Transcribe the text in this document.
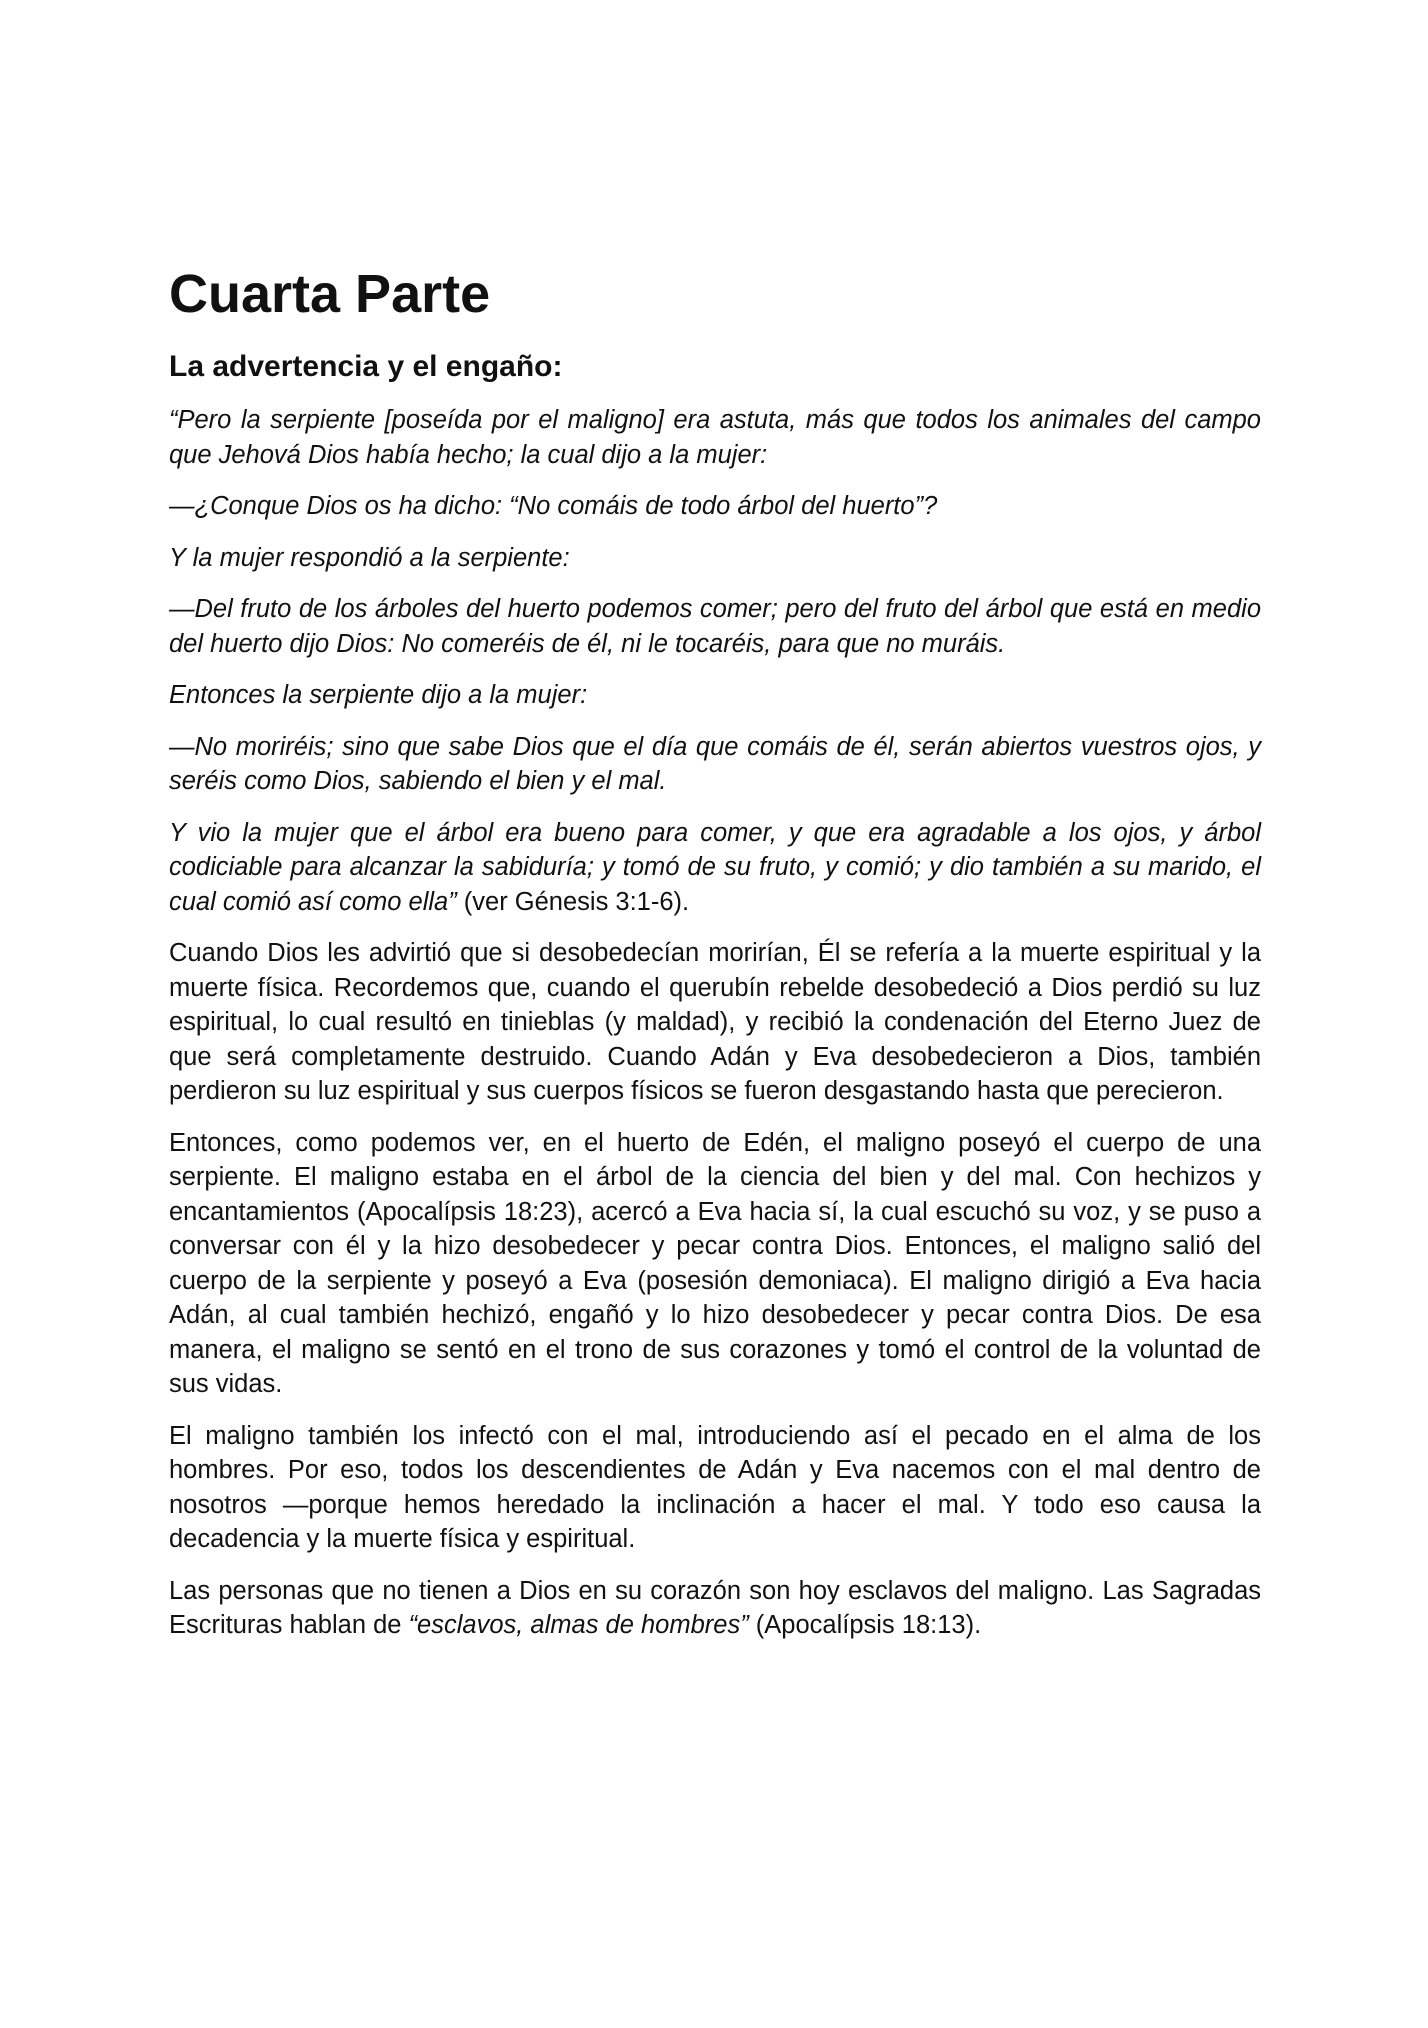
Cuarta Parte
La advertencia y el engaño:

“Pero la serpiente [poseída por el maligno] era astuta, más que todos los animales del campo que Jehová Dios había hecho; la cual dijo a la mujer:

—¿Conque Dios os ha dicho: “No comáis de todo árbol del huerto”?

Y la mujer respondió a la serpiente:

—Del fruto de los árboles del huerto podemos comer; pero del fruto del árbol que está en medio del huerto dijo Dios: No comeréis de él, ni le tocaréis, para que no muráis.

Entonces la serpiente dijo a la mujer:

—No moriréis; sino que sabe Dios que el día que comáis de él, serán abiertos vuestros ojos, y seréis como Dios, sabiendo el bien y el mal.

Y vio la mujer que el árbol era bueno para comer, y que era agradable a los ojos, y árbol codiciable para alcanzar la sabiduría; y tomó de su fruto, y comió; y dio también a su marido, el cual comió así como ella” (ver Génesis 3:1-6).

Cuando Dios les advirtió que si desobedecían morirían, Él se refería a la muerte espiritual y la muerte física. Recordemos que, cuando el querubín rebelde desobedeció a Dios perdió su luz espiritual, lo cual resultó en tinieblas (y maldad), y recibió la condenación del Eterno Juez de que será completamente destruido. Cuando Adán y Eva desobedecieron a Dios, también perdieron su luz espiritual y sus cuerpos físicos se fueron desgastando hasta que perecieron.

Entonces, como podemos ver, en el huerto de Edén, el maligno poseyó el cuerpo de una serpiente. El maligno estaba en el árbol de la ciencia del bien y del mal. Con hechizos y encantamientos (Apocalípsis 18:23), acercó a Eva hacia sí, la cual escuchó su voz, y se puso a conversar con él y la hizo desobedecer y pecar contra Dios. Entonces, el maligno salió del cuerpo de la serpiente y poseyó a Eva (posesión demoniaca). El maligno dirigió a Eva hacia Adán, al cual también hechizó, engañó y lo hizo desobedecer y pecar contra Dios. De esa manera, el maligno se sentó en el trono de sus corazones y tomó el control de la voluntad de sus vidas.

El maligno también los infectó con el mal, introduciendo así el pecado en el alma de los hombres. Por eso, todos los descendientes de Adán y Eva nacemos con el mal dentro de nosotros —porque hemos heredado la inclinación a hacer el mal. Y todo eso causa la decadencia y la muerte física y espiritual.

Las personas que no tienen a Dios en su corazón son hoy esclavos del maligno. Las Sagradas Escrituras hablan de “esclavos, almas de hombres” (Apocalípsis 18:13).
